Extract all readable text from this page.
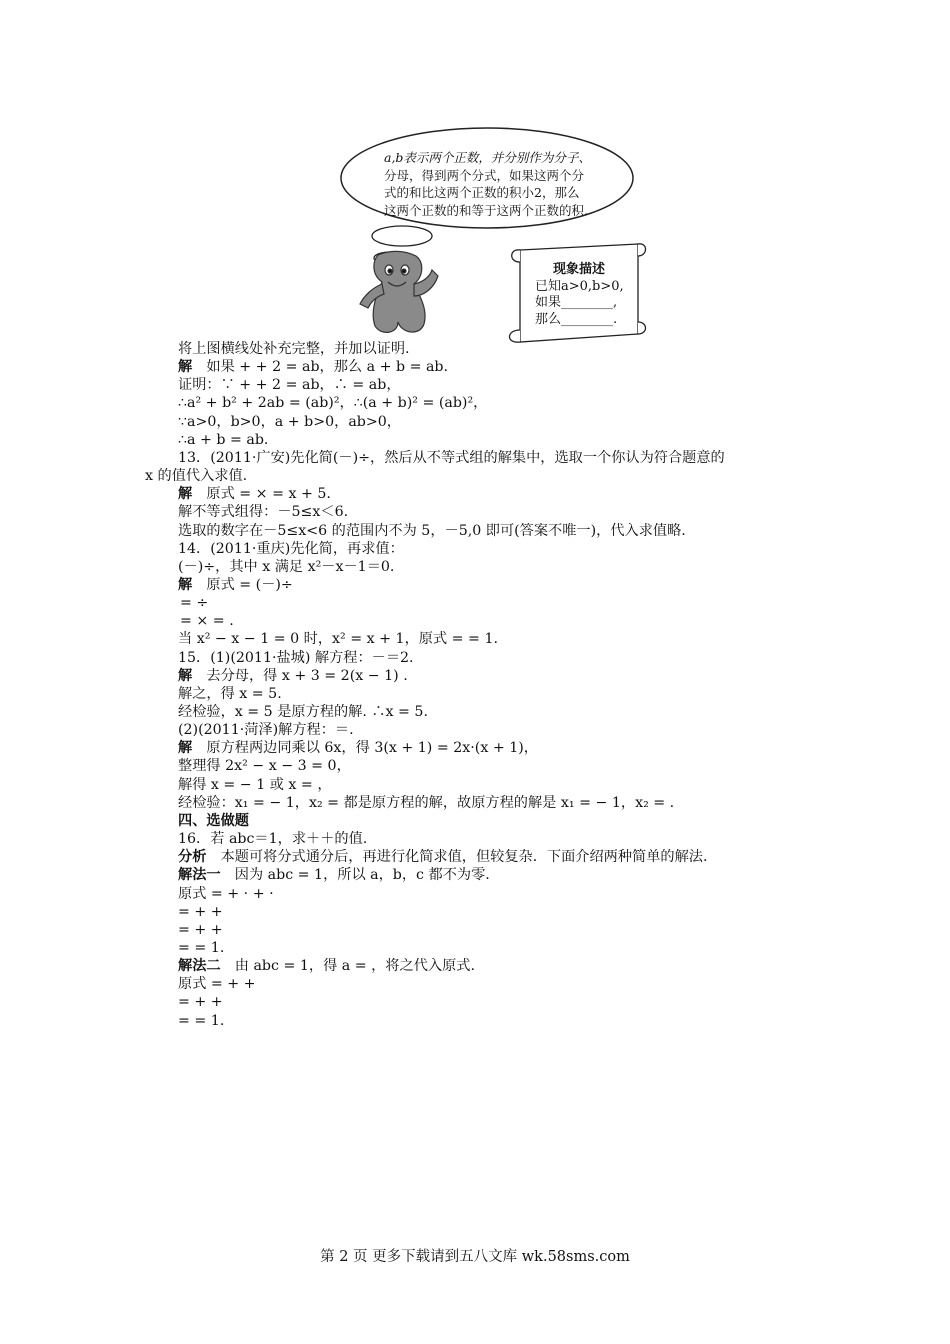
a,b表示两个正数，并分别作为分子、
分母，得到两个分式，如果这两个分
式的和比这两个正数的积小2，那么
这两个正数的和等于这两个正数的积.
现象描述
已知a>0,b>0,
如果________,
那么________.
将上图横线处补充完整，并加以证明.
解　如果 + + 2 = ab，那么 a + b = ab.
证明：∵ + + 2 = ab，∴ = ab，
∴a² + b² + 2ab = (ab)²，∴(a + b)² = (ab)²，
∵a>0，b>0，a + b>0，ab>0，
∴a + b = ab.
13．(2011·广安)先化简(－)÷，然后从不等式组的解集中，选取一个你认为符合题意的
x 的值代入求值.
解　原式 = × = x + 5.
解不等式组得：－5≤x＜6.
选取的数字在－5≤x<6 的范围内不为 5，－5,0 即可(答案不唯一)，代入求值略.
14．(2011·重庆)先化简，再求值：
(－)÷，其中 x 满足 x²－x－1＝0.
解　原式 = (－)÷
= ÷
= × = .
当 x² − x − 1 = 0 时，x² = x + 1，原式 = = 1.
15．(1)(2011·盐城) 解方程：－＝2.
解　去分母，得 x + 3 = 2(x − 1) .
解之，得 x = 5.
经检验，x = 5 是原方程的解. ∴x = 5.
(2)(2011·菏泽)解方程：＝.
解　原方程两边同乘以 6x，得 3(x + 1) = 2x·(x + 1)，
整理得 2x² − x − 3 = 0，
解得 x = − 1 或 x = ，
经检验：x₁ = − 1，x₂ = 都是原方程的解，故原方程的解是 x₁ = − 1，x₂ = .
四、选做题
16．若 abc＝1，求＋＋的值.
分析　本题可将分式通分后，再进行化简求值，但较复杂．下面介绍两种简单的解法.
解法一　因为 abc = 1，所以 a，b，c 都不为零.
原式 = + · + ·
= + +
= + +
= = 1.
解法二　由 abc = 1，得 a = ，将之代入原式.
原式 = + +
= + +
= = 1.
第 2 页 更多下载请到五八文库 wk.58sms.com
